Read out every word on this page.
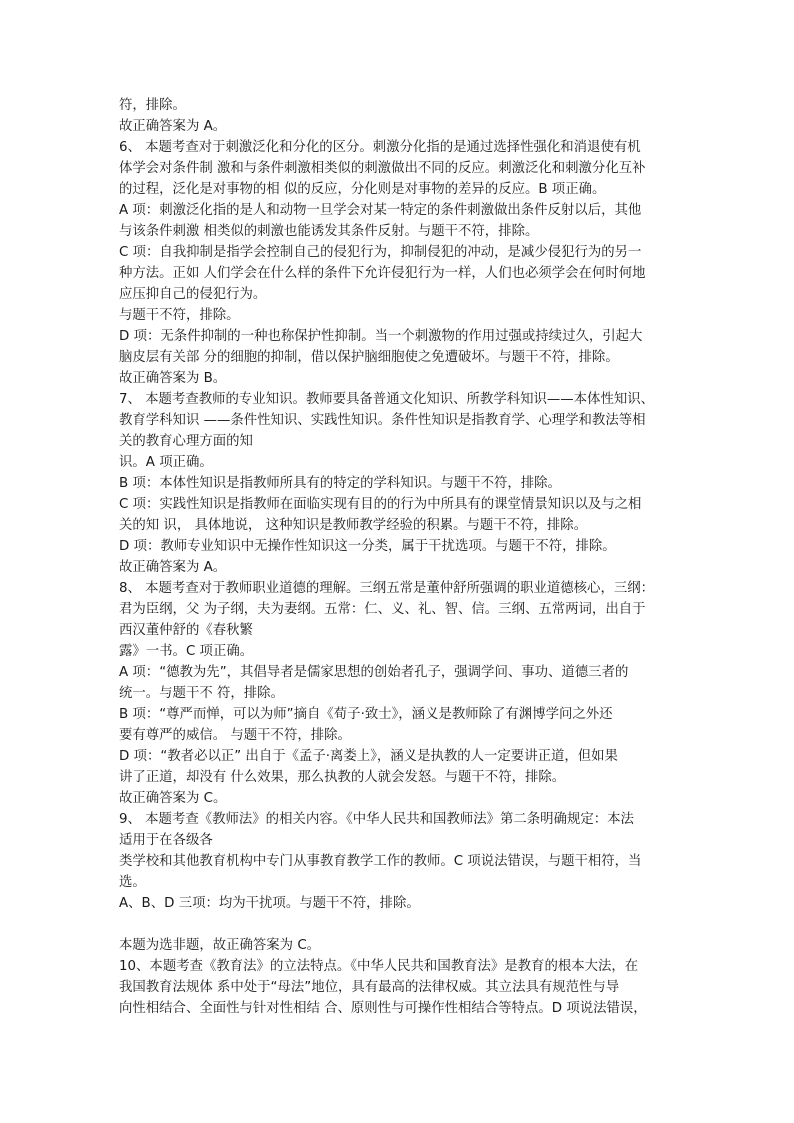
符，排除。
故正确答案为 A。
6、 本题考查对于刺激泛化和分化的区分。刺激分化指的是通过选择性强化和消退使有机
体学会对条件制 激和与条件刺激相类似的刺激做出不同的反应。刺激泛化和刺激分化互补
的过程，泛化是对事物的相 似的反应，分化则是对事物的差异的反应。B 项正确。
A 项：刺激泛化指的是人和动物一旦学会对某一特定的条件刺激做出条件反射以后，其他
与该条件刺激 相类似的刺激也能诱发其条件反射。与题干不符，排除。
C 项：自我抑制是指学会控制自己的侵犯行为，抑制侵犯的冲动，是减少侵犯行为的另一
种方法。正如 人们学会在什么样的条件下允许侵犯行为一样，人们也必须学会在何时何地
应压抑自己的侵犯行为。
与题干不符，排除。
D 项：无条件抑制的一种也称保护性抑制。当一个刺激物的作用过强或持续过久，引起大
脑皮层有关部 分的细胞的抑制，借以保护脑细胞使之免遭破坏。与题干不符，排除。
故正确答案为 B。
7、 本题考查教师的专业知识。教师要具备普通文化知识、所教学科知识——本体性知识、
教育学科知识 ——条件性知识、实践性知识。条件性知识是指教育学、心理学和教法等相
关的教育心理方面的知
识。A 项正确。
B 项：本体性知识是指教师所具有的特定的学科知识。与题干不符，排除。
C 项：实践性知识是指教师在面临实现有目的的行为中所具有的课堂情景知识以及与之相
关的知 识， 具体地说， 这种知识是教师教学经验的积累。与题干不符，排除。
D 项：教师专业知识中无操作性知识这一分类，属于干扰选项。与题干不符，排除。
故正确答案为 A。
8、 本题考查对于教师职业道德的理解。三纲五常是董仲舒所强调的职业道德核心，三纲：
君为臣纲，父 为子纲，夫为妻纲。五常：仁、义、礼、智、信。三纲、五常两词，出自于
西汉董仲舒的《春秋繁
露》一书。C 项正确。
A 项：“德教为先”，其倡导者是儒家思想的创始者孔子，强调学问、事功、道德三者的
统一。与题干不 符，排除。
B 项：“尊严而惮，可以为师”摘自《荀子·致士》，涵义是教师除了有渊博学问之外还
要有尊严的威信。 与题干不符，排除。
D 项：“教者必以正” 出自于《孟子·离娄上》，涵义是执教的人一定要讲正道，但如果
讲了正道，却没有 什么效果，那么执教的人就会发怒。与题干不符，排除。
故正确答案为 C。
9、 本题考查《教师法》的相关内容。《中华人民共和国教师法》第二条明确规定：本法
适用于在各级各
类学校和其他教育机构中专门从事教育教学工作的教师。C 项说法错误，与题干相符，当
选。
A、B、D 三项：均为干扰项。与题干不符，排除。
本题为选非题，故正确答案为 C。
10、本题考查《教育法》的立法特点。《中华人民共和国教育法》是教育的根本大法，在
我国教育法规体 系中处于“母法”地位，具有最高的法律权威。其立法具有规范性与导
向性相结合、全面性与针对性相结 合、原则性与可操作性相结合等特点。D 项说法错误，
